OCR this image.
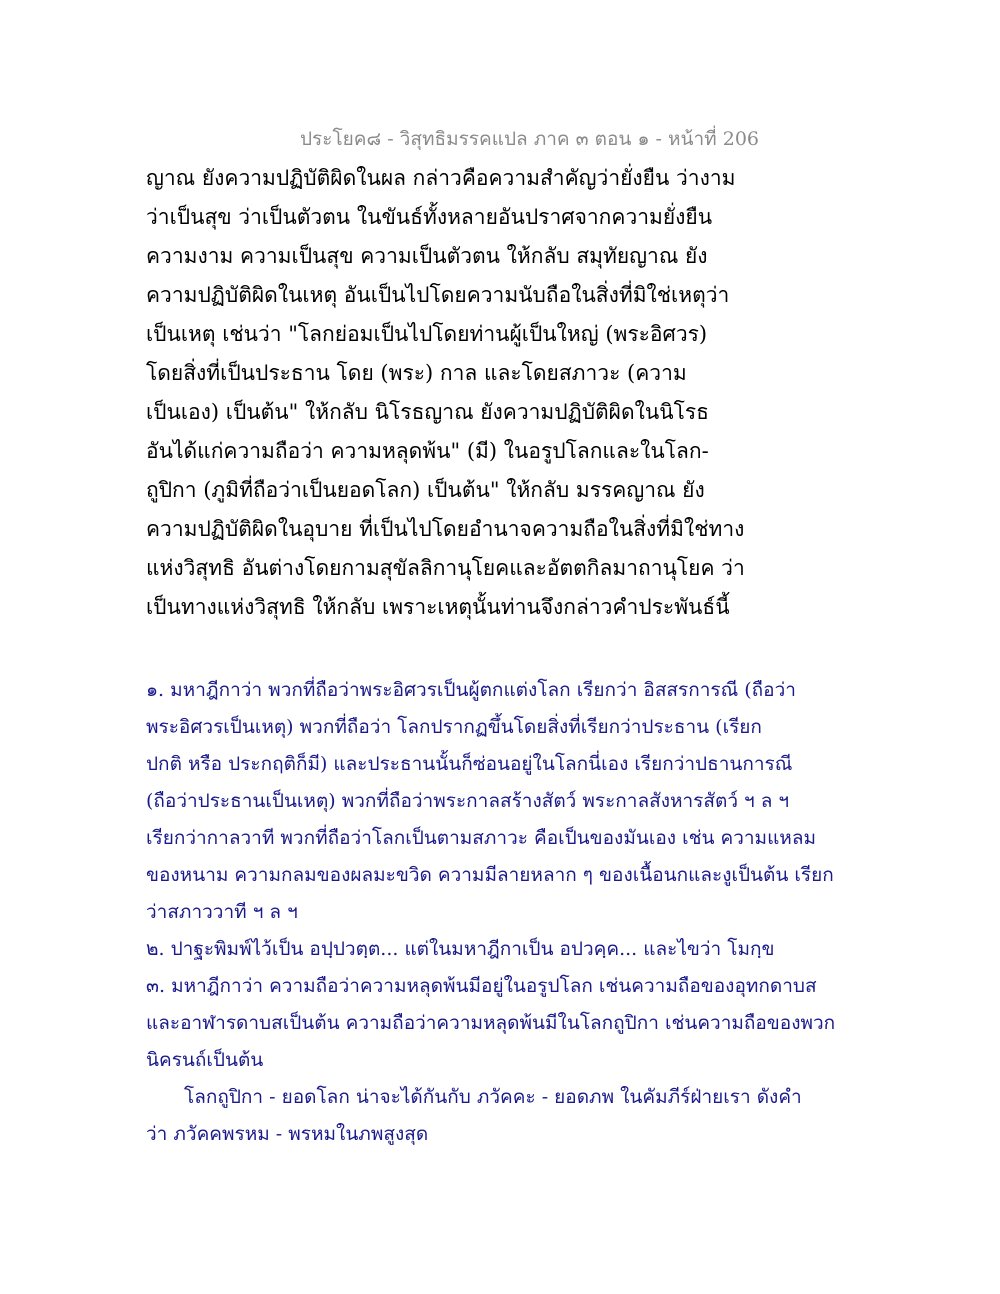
ประโยค๘ - วิสุทธิมรรคแปล ภาค ๓ ตอน ๑ - หน้าที่ 206
ญาณ ยังความปฏิบัติผิดในผล กล่าวคือความสำคัญว่ายั่งยืน ว่างาม
ว่าเป็นสุข ว่าเป็นตัวตน ในขันธ์ทั้งหลายอันปราศจากความยั่งยืน
ความงาม ความเป็นสุข ความเป็นตัวตน ให้กลับ สมุทัยญาณ ยัง
ความปฏิบัติผิดในเหตุ อันเป็นไปโดยความนับถือในสิ่งที่มิใช่เหตุว่า
เป็นเหตุ เช่นว่า "โลกย่อมเป็นไปโดยท่านผู้เป็นใหญ่ (พระอิศวร)
โดยสิ่งที่เป็นประธาน โดย (พระ) กาล และโดยสภาวะ (ความ
เป็นเอง) เป็นต้น" ให้กลับ นิโรธญาณ ยังความปฏิบัติผิดในนิโรธ
อันได้แก่ความถือว่า ความหลุดพ้น" (มี) ในอรูปโลกและในโลก-
ถูปิกา (ภูมิที่ถือว่าเป็นยอดโลก) เป็นต้น" ให้กลับ มรรคญาณ ยัง
ความปฏิบัติผิดในอุบาย ที่เป็นไปโดยอำนาจความถือในสิ่งที่มิใช่ทาง
แห่งวิสุทธิ อันต่างโดยกามสุขัลลิกานุโยคและอัตตกิลมาถานุโยค ว่า
เป็นทางแห่งวิสุทธิ ให้กลับ เพราะเหตุนั้นท่านจึงกล่าวคำประพันธ์นี้
๑. มหาฎีกาว่า พวกที่ถือว่าพระอิศวรเป็นผู้ตกแต่งโลก เรียกว่า อิสสรการณี (ถือว่า
พระอิศวรเป็นเหตุ) พวกที่ถือว่า โลกปรากฏขึ้นโดยสิ่งที่เรียกว่าประธาน (เรียก
ปกติ หรือ ประกฤติก็มี) และประธานนั้นก็ซ่อนอยู่ในโลกนี่เอง เรียกว่าปธานการณี
(ถือว่าประธานเป็นเหตุ) พวกที่ถือว่าพระกาลสร้างสัตว์ พระกาลสังหารสัตว์ ฯ ล ฯ
เรียกว่ากาลวาที พวกที่ถือว่าโลกเป็นตามสภาวะ คือเป็นของมันเอง เช่น ความแหลม
ของหนาม ความกลมของผลมะขวิด ความมีลายหลาก ๆ ของเนื้อนกและงูเป็นต้น เรียก
ว่าสภาววาที ฯ ล ฯ
๒. ปาฐะพิมพ์ไว้เป็น อปฺปวตฺต... แต่ในมหาฎีกาเป็น อปวคฺค... และไขว่า โมกฺข
๓. มหาฎีกาว่า ความถือว่าความหลุดพ้นมีอยู่ในอรูปโลก เช่นความถือของอุทกดาบส
และอาฬารดาบสเป็นต้น ความถือว่าความหลุดพ้นมีในโลกถูปิกา เช่นความถือของพวก
นิครนถ์เป็นต้น
โลกถูปิกา - ยอดโลก น่าจะได้กันกับ ภวัคคะ - ยอดภพ ในคัมภีร์ฝ่ายเรา ดังคำ
ว่า ภวัคคพรหม - พรหมในภพสูงสุด
